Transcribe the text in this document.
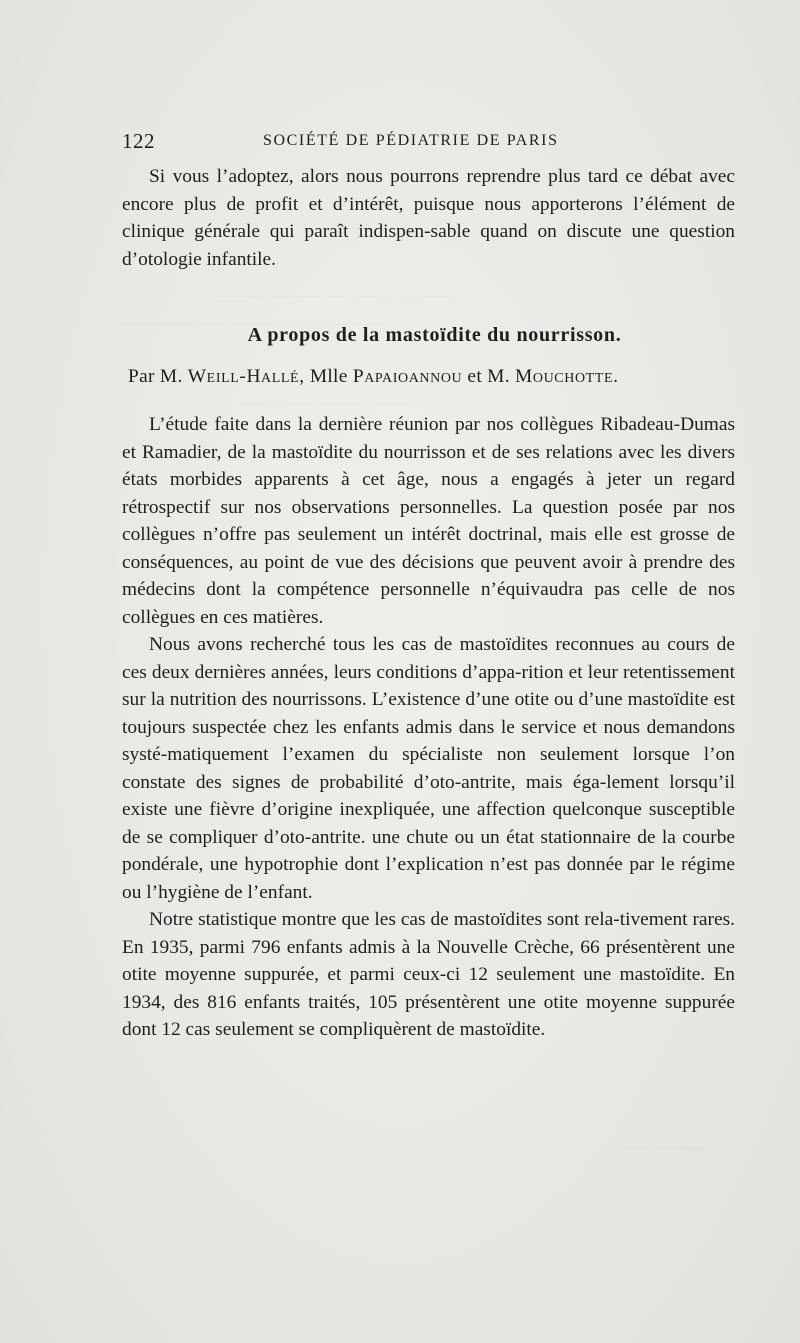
122	SOCIÉTÉ DE PÉDIATRIE DE PARIS

Si vous l’adoptez, alors nous pourrons reprendre plus tard ce débat avec encore plus de profit et d’intérêt, puisque nous apporterons l’élément de clinique générale qui paraît indispen-sable quand on discute une question d’otologie infantile.

A propos de la mastoïdite du nourrisson.
Par M. Weill-Hallé, Mlle Papaioannou et M. Mouchotte.

L’étude faite dans la dernière réunion par nos collègues Ribadeau-Dumas et Ramadier, de la mastoïdite du nourrisson et de ses relations avec les divers états morbides apparents à cet âge, nous a engagés à jeter un regard rétrospectif sur nos observations personnelles. La question posée par nos collègues n’offre pas seulement un intérêt doctrinal, mais elle est grosse de conséquences, au point de vue des décisions que peuvent avoir à prendre des médecins dont la compétence personnelle n’équivaudra pas celle de nos collègues en ces matières.

Nous avons recherché tous les cas de mastoïdites reconnues au cours de ces deux dernières années, leurs conditions d’appa-rition et leur retentissement sur la nutrition des nourrissons. L’existence d’une otite ou d’une mastoïdite est toujours suspectée chez les enfants admis dans le service et nous demandons systé-matiquement l’examen du spécialiste non seulement lorsque l’on constate des signes de probabilité d’oto-antrite, mais éga-lement lorsqu’il existe une fièvre d’origine inexpliquée, une affection quelconque susceptible de se compliquer d’oto-antrite. une chute ou un état stationnaire de la courbe pondérale, une hypotrophie dont l’explication n’est pas donnée par le régime ou l’hygiène de l’enfant.

Notre statistique montre que les cas de mastoïdites sont rela-tivement rares. En 1935, parmi 796 enfants admis à la Nouvelle Crèche, 66 présentèrent une otite moyenne suppurée, et parmi ceux-ci 12 seulement une mastoïdite. En 1934, des 816 enfants traités, 105 présentèrent une otite moyenne suppurée dont 12 cas seulement se compliquèrent de mastoïdite.
